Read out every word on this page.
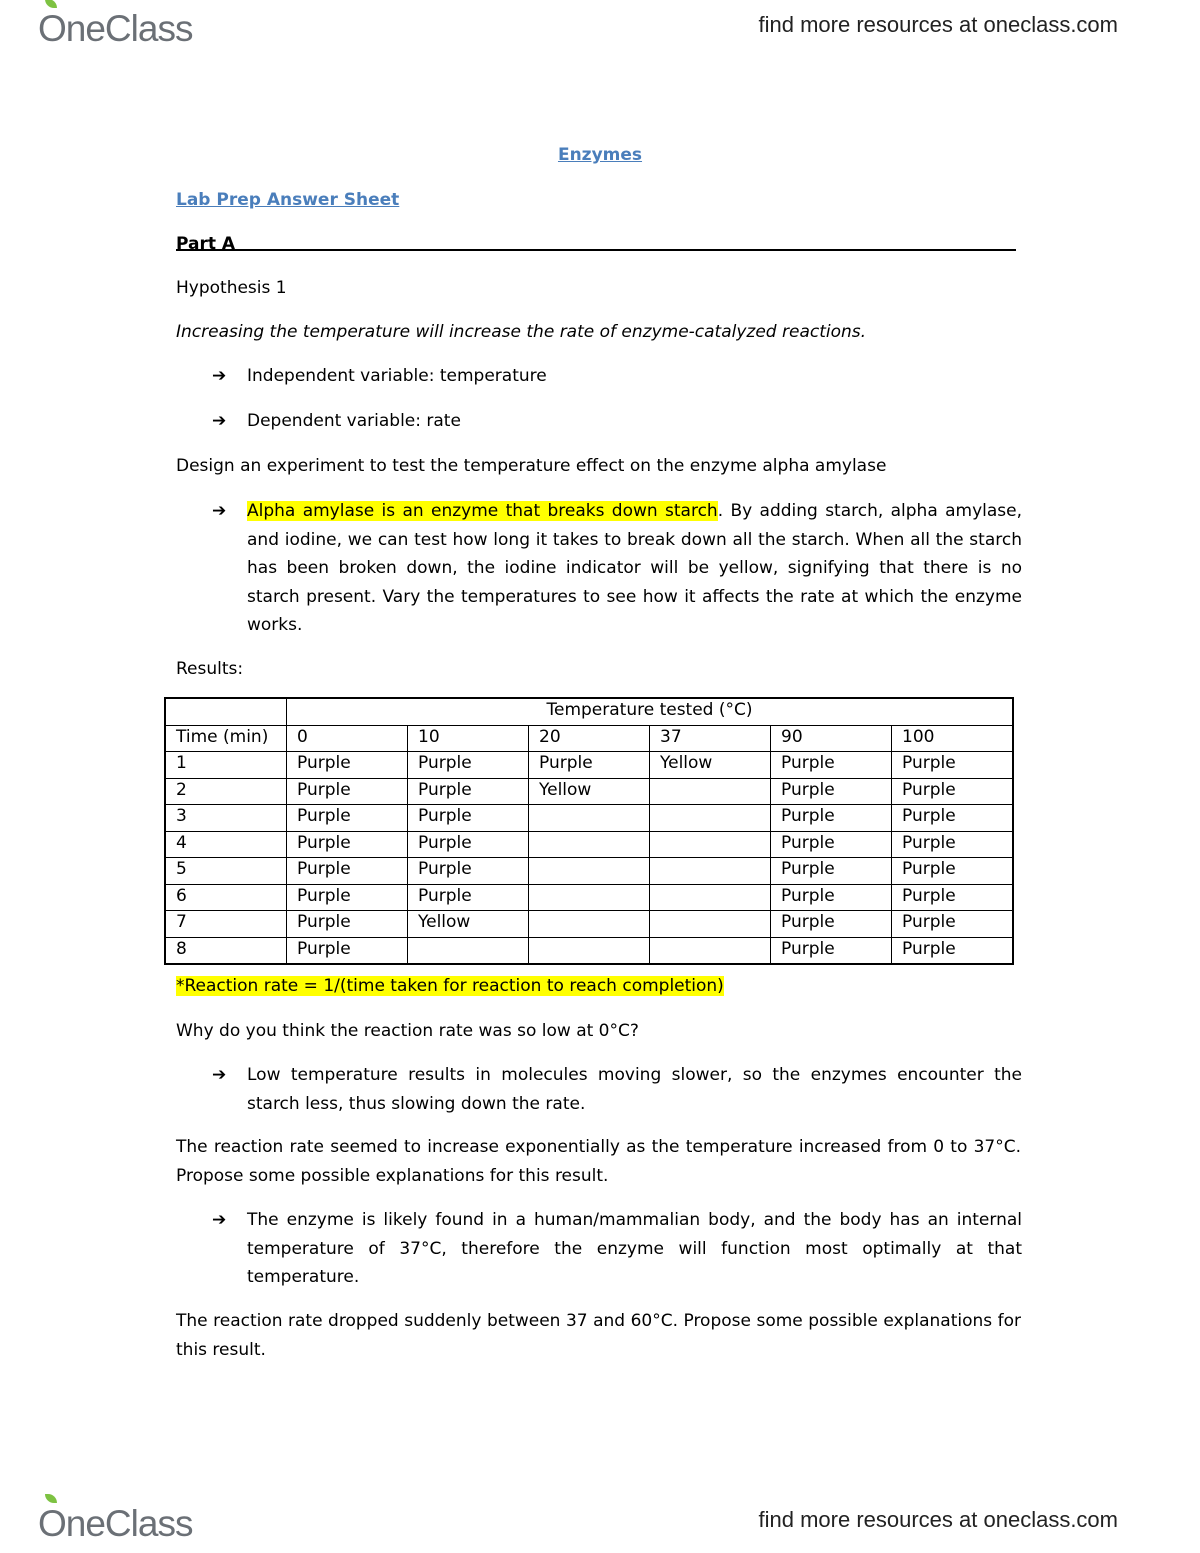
OneClass	find more resources at oneclass.com
Enzymes
Lab Prep Answer Sheet
Part A
Hypothesis 1
Increasing the temperature will increase the rate of enzyme-catalyzed reactions.
➔	Independent variable: temperature
➔	Dependent variable: rate
Design an experiment to test the temperature effect on the enzyme alpha amylase
➔	Alpha amylase is an enzyme that breaks down starch. By adding starch, alpha amylase, and iodine, we can test how long it takes to break down all the starch. When all the starch has been broken down, the iodine indicator will be yellow, signifying that there is no starch present. Vary the temperatures to see how it affects the rate at which the enzyme works.
Results:
	Temperature tested (°C)					
Time (min)	0	10	20	37	90	100
1	Purple	Purple	Purple	Yellow	Purple	Purple
2	Purple	Purple	Yellow		Purple	Purple
3	Purple	Purple			Purple	Purple
4	Purple	Purple			Purple	Purple
5	Purple	Purple			Purple	Purple
6	Purple	Purple			Purple	Purple
7	Purple	Yellow			Purple	Purple
8	Purple				Purple	Purple
*Reaction rate = 1/(time taken for reaction to reach completion)
Why do you think the reaction rate was so low at 0°C?
➔	Low temperature results in molecules moving slower, so the enzymes encounter the starch less, thus slowing down the rate.
The reaction rate seemed to increase exponentially as the temperature increased from 0 to 37°C. Propose some possible explanations for this result.
➔	The enzyme is likely found in a human/mammalian body, and the body has an internal temperature of 37°C, therefore the enzyme will function most optimally at that temperature.
The reaction rate dropped suddenly between 37 and 60°C. Propose some possible explanations for this result.
OneClass	find more resources at oneclass.com
